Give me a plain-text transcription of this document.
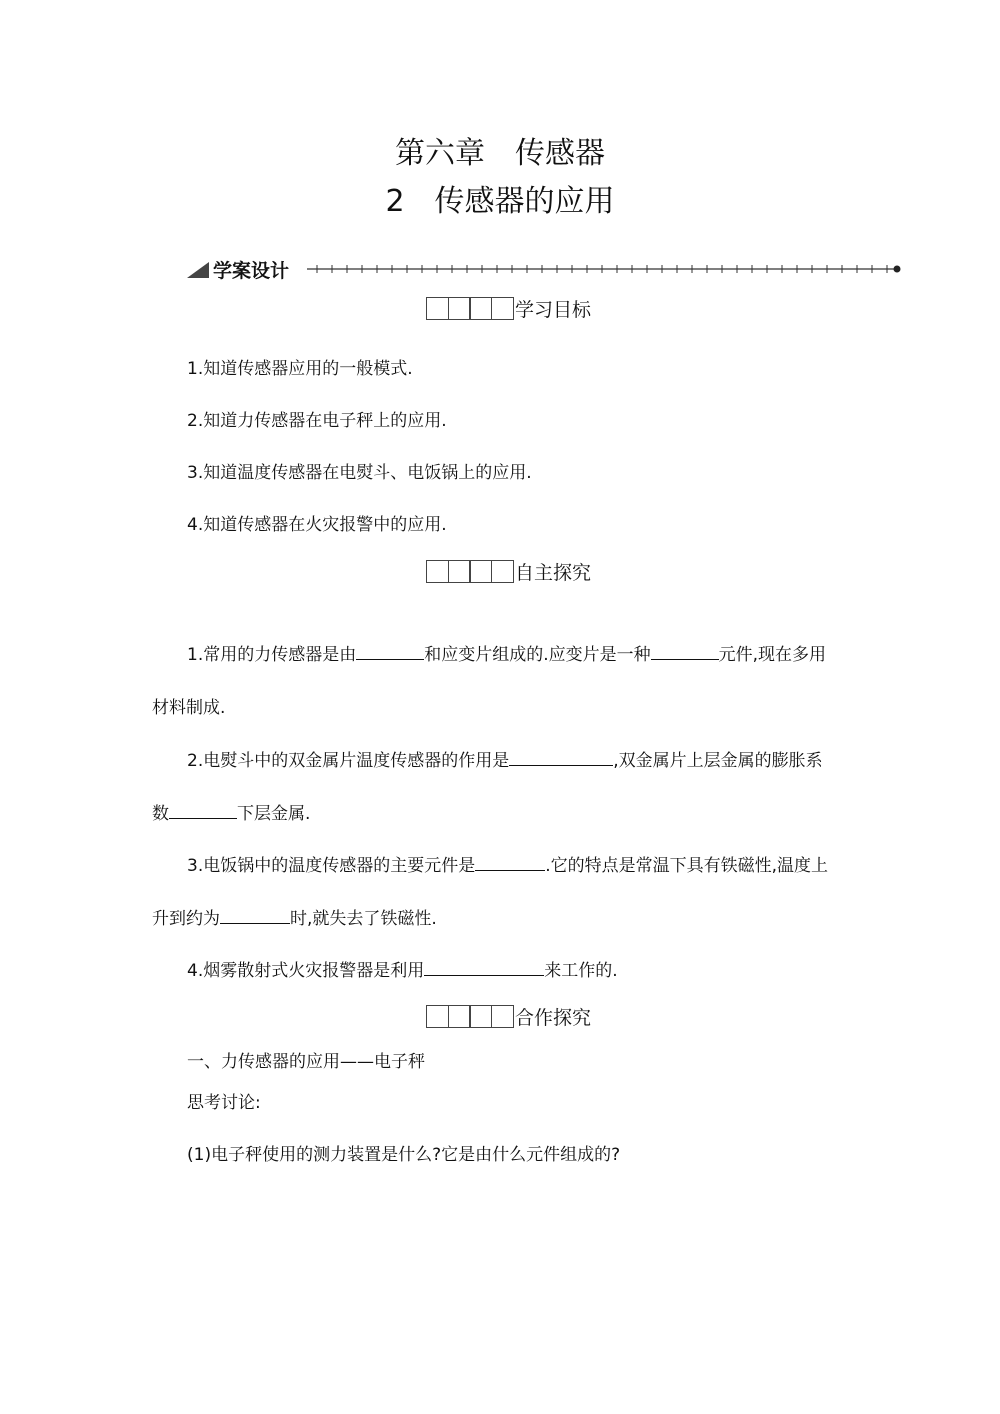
第六章　传感器
2　传感器的应用
学案设计
学习目标
1.知道传感器应用的一般模式.
2.知道力传感器在电子秤上的应用.
3.知道温度传感器在电熨斗、电饭锅上的应用.
4.知道传感器在火灾报警中的应用.
自主探究
1.常用的力传感器是由	和应变片组成的.应变片是一种	元件,现在多用
材料制成.
2.电熨斗中的双金属片温度传感器的作用是	,双金属片上层金属的膨胀系
数	下层金属.
3.电饭锅中的温度传感器的主要元件是	.它的特点是常温下具有铁磁性,温度上
升到约为	时,就失去了铁磁性.
4.烟雾散射式火灾报警器是利用	来工作的.
合作探究
一、力传感器的应用——电子秤
思考讨论:
(1)电子秤使用的测力装置是什么?它是由什么元件组成的?
